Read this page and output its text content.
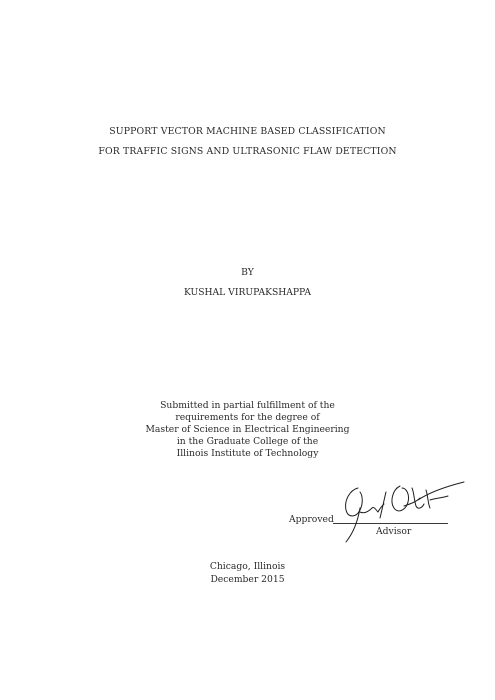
SUPPORT VECTOR MACHINE BASED CLASSIFICATION
FOR TRAFFIC SIGNS AND ULTRASONIC FLAW DETECTION
BY
KUSHAL VIRUPAKSHAPPA
Submitted in partial fulfillment of the
requirements for the degree of
Master of Science in Electrical Engineering
in the Graduate College of the
Illinois Institute of Technology
Approved
Advisor
Chicago, Illinois
December 2015
